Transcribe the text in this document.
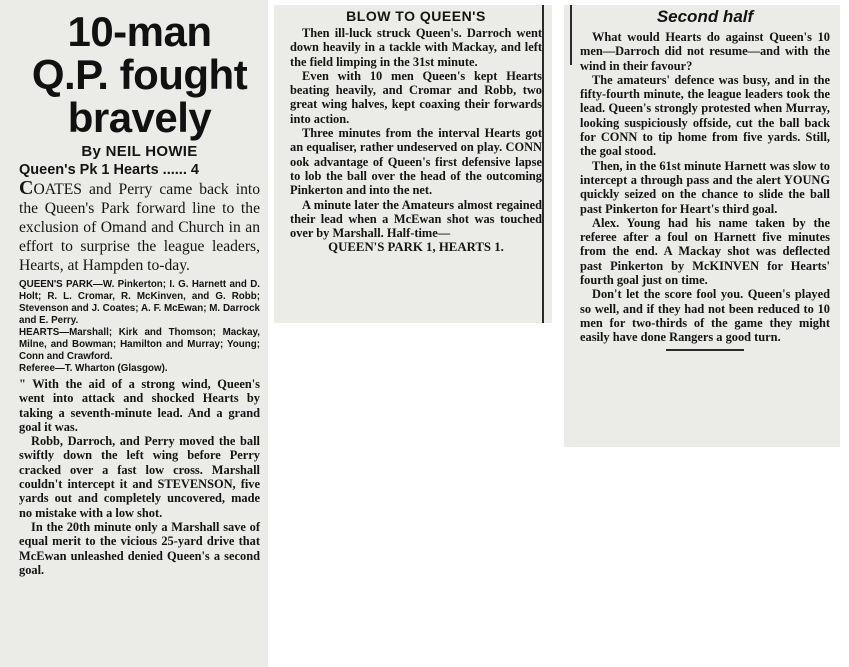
10-man
Q.P. fought
bravely
By NEIL HOWIE
Queen's Pk 1 Hearts ...... 4
COATES and Perry came back into the Queen's Park forward line to the exclusion of Omand and Church in an effort to surprise the league leaders, Hearts, at Hampden to-day.

QUEEN'S PARK—W. Pinkerton; I. G. Harnett and D. Holt; R. L. Cromar, R. McKinven, and G. Robb; Stevenson and J. Coates; A. F. McEwan; M. Darrock and E. Perry.

HEARTS—Marshall; Kirk and Thomson; Mackay, Milne, and Bowman; Hamilton and Murray; Young; Conn and Crawford.

Referee—T. Wharton (Glasgow).

" With the aid of a strong wind, Queen's went into attack and shocked Hearts by taking a seventh-minute lead. And a grand goal it was.

Robb, Darroch, and Perry moved the ball swiftly down the left wing before Perry cracked over a fast low cross. Marshall couldn't intercept it and STEVENSON, five yards out and completely uncovered, made no mistake with a low shot.

In the 20th minute only a Marshall save of equal merit to the vicious 25-yard drive that McEwan unleashed denied Queen's a second goal.

BLOW TO QUEEN'S

Then ill-luck struck Queen's. Darroch went down heavily in a tackle with Mackay, and left the field limping in the 31st minute.

Even with 10 men Queen's kept Hearts beating heavily, and Cromar and Robb, two great wing halves, kept coaxing their forwards into action.

Three minutes from the interval Hearts got an equaliser, rather undeserved on play. CONN ook advantage of Queen's first defensive lapse to lob the ball over the head of the outcoming Pinkerton and into the net.

A minute later the Amateurs almost regained their lead when a McEwan shot was touched over by Marshall. Half-time—

QUEEN'S PARK 1, HEARTS 1.

Second half

What would Hearts do against Queen's 10 men—Darroch did not resume—and with the wind in their favour?

The amateurs' defence was busy, and in the fifty-fourth minute, the league leaders took the lead. Queen's strongly protested when Murray, looking suspiciously offside, cut the ball back for CONN to tip home from five yards. Still, the goal stood.

Then, in the 61st minute Harnett was slow to intercept a through pass and the alert YOUNG quickly seized on the chance to slide the ball past Pinkerton for Heart's third goal.

Alex. Young had his name taken by the referee after a foul on Harnett five minutes from the end. A Mackay shot was deflected past Pinkerton by McKINVEN for Hearts' fourth goal just on time.

Don't let the score fool you. Queen's played so well, and if they had not been reduced to 10 men for two-thirds of the game they might easily have done Rangers a good turn.
